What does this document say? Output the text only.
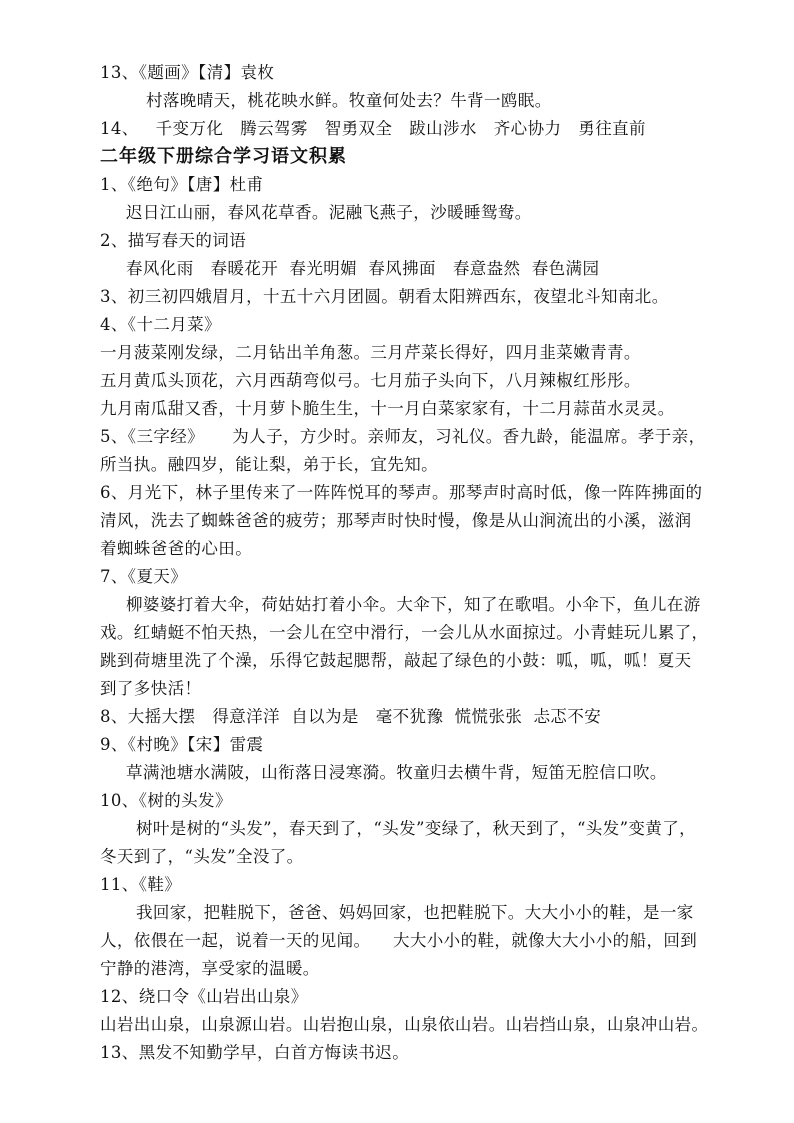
13、《题画》【清】袁枚
村落晚晴天，桃花映水鲜。牧童何处去？牛背一鸥眠。
14、   千变万化   腾云驾雾   智勇双全   跋山涉水   齐心协力   勇往直前
二年级下册综合学习语文积累
1、《绝句》【唐】杜甫
迟日江山丽，春风花草香。泥融飞燕子，沙暖睡鸳鸯。
2、描写春天的词语
春风化雨   春暖花开  春光明媚  春风拂面   春意盎然  春色满园
3、初三初四娥眉月，十五十六月团圆。朝看太阳辨西东，夜望北斗知南北。
4、《十二月菜》
一月菠菜刚发绿，二月钻出羊角葱。三月芹菜长得好，四月韭菜嫩青青。
五月黄瓜头顶花，六月西葫弯似弓。七月茄子头向下，八月辣椒红彤彤。
九月南瓜甜又香，十月萝卜脆生生，十一月白菜家家有，十二月蒜苗水灵灵。
5、《三字经》     为人子，方少时。亲师友，习礼仪。香九龄，能温席。孝于亲，
所当执。融四岁，能让梨，弟于长，宜先知。
6、月光下，林子里传来了一阵阵悦耳的琴声。那琴声时高时低，像一阵阵拂面的
清风，洗去了蜘蛛爸爸的疲劳；那琴声时快时慢，像是从山涧流出的小溪，滋润
着蜘蛛爸爸的心田。
7、《夏天》
柳婆婆打着大伞，荷姑姑打着小伞。大伞下，知了在歌唱。小伞下，鱼儿在游
戏。红蜻蜓不怕天热，一会儿在空中滑行，一会儿从水面掠过。小青蛙玩儿累了，
跳到荷塘里洗了个澡，乐得它鼓起腮帮，敲起了绿色的小鼓：呱，呱，呱！夏天
到了多快活！
8、大摇大摆   得意洋洋  自以为是   毫不犹豫  慌慌张张  忐忑不安
9、《村晚》【宋】雷震
草满池塘水满陂，山衔落日浸寒漪。牧童归去横牛背，短笛无腔信口吹。
10、《树的头发》
树叶是树的“头发”，春天到了，“头发”变绿了，秋天到了，“头发”变黄了，
冬天到了，“头发”全没了。
11、《鞋》
我回家，把鞋脱下，爸爸、妈妈回家，也把鞋脱下。大大小小的鞋，是一家
人，依偎在一起，说着一天的见闻。    大大小小的鞋，就像大大小小的船，回到
宁静的港湾，享受家的温暖。
12、绕口令《山岩出山泉》
山岩出山泉，山泉源山岩。山岩抱山泉，山泉依山岩。山岩挡山泉，山泉冲山岩。
13、黑发不知勤学早，白首方悔读书迟。
